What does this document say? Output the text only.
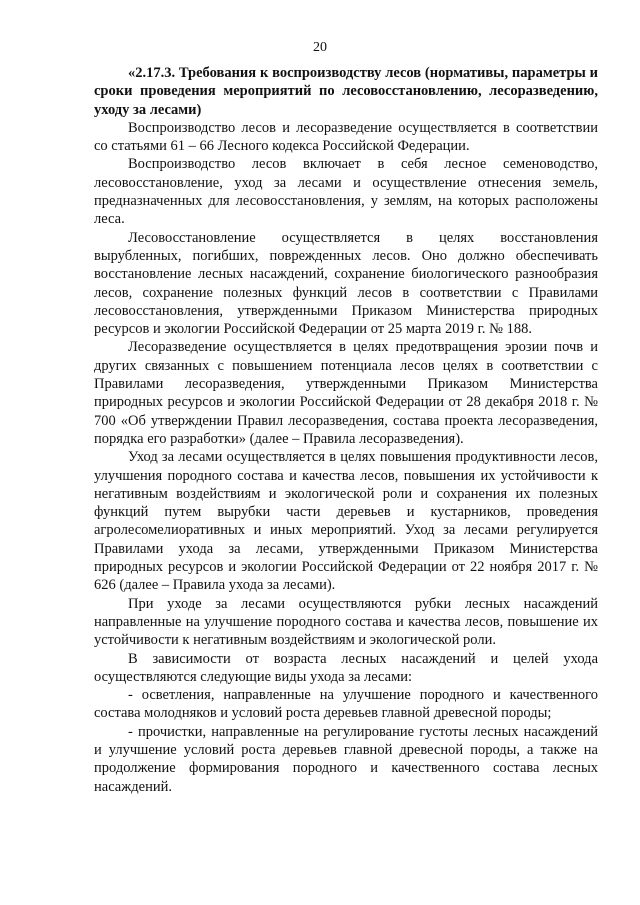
20

«2.17.3. Требования к воспроизводству лесов (нормативы, параметры и сроки проведения мероприятий по лесовосстановлению, лесоразведению, уходу за лесами)

Воспроизводство лесов и лесоразведение осуществляется в соответствии со статьями 61 – 66 Лесного кодекса Российской Федерации.

Воспроизводство лесов включает в себя лесное семеноводство, лесовосстановление, уход за лесами и осуществление отнесения земель, предназначенных для лесовосстановления, у землям, на которых расположены леса.

Лесовосстановление осуществляется в целях восстановления вырубленных, погибших, поврежденных лесов. Оно должно обеспечивать восстановление лесных насаждений, сохранение биологического разнообразия лесов, сохранение полезных функций лесов в соответствии с Правилами лесовосстановления, утвержденными Приказом Министерства природных ресурсов и экологии Российской Федерации от 25 марта 2019 г. № 188.

Лесоразведение осуществляется в целях предотвращения эрозии почв и других связанных с повышением потенциала лесов целях в соответствии с Правилами лесоразведения, утвержденными Приказом Министерства природных ресурсов и экологии Российской Федерации от 28 декабря 2018 г. № 700 «Об утверждении Правил лесоразведения, состава проекта лесоразведения, порядка его разработки» (далее – Правила лесоразведения).

Уход за лесами осуществляется в целях повышения продуктивности лесов, улучшения породного состава и качества лесов, повышения их устойчивости к негативным воздействиям и экологической роли и сохранения их полезных функций путем вырубки части деревьев и кустарников, проведения агролесомелиоративных и иных мероприятий. Уход за лесами регулируется Правилами ухода за лесами, утвержденными Приказом Министерства природных ресурсов и экологии Российской Федерации от 22 ноября 2017 г. № 626 (далее – Правила ухода за лесами).

При уходе за лесами осуществляются рубки лесных насаждений направленные на улучшение породного состава и качества лесов, повышение их устойчивости к негативным воздействиям и экологической роли.

В зависимости от возраста лесных насаждений и целей ухода осуществляются следующие виды ухода за лесами:

- осветления, направленные на улучшение породного и качественного состава молодняков и условий роста деревьев главной древесной породы;

- прочистки, направленные на регулирование густоты лесных насаждений и улучшение условий роста деревьев главной древесной породы, а также на продолжение формирования породного и качественного состава лесных насаждений.
